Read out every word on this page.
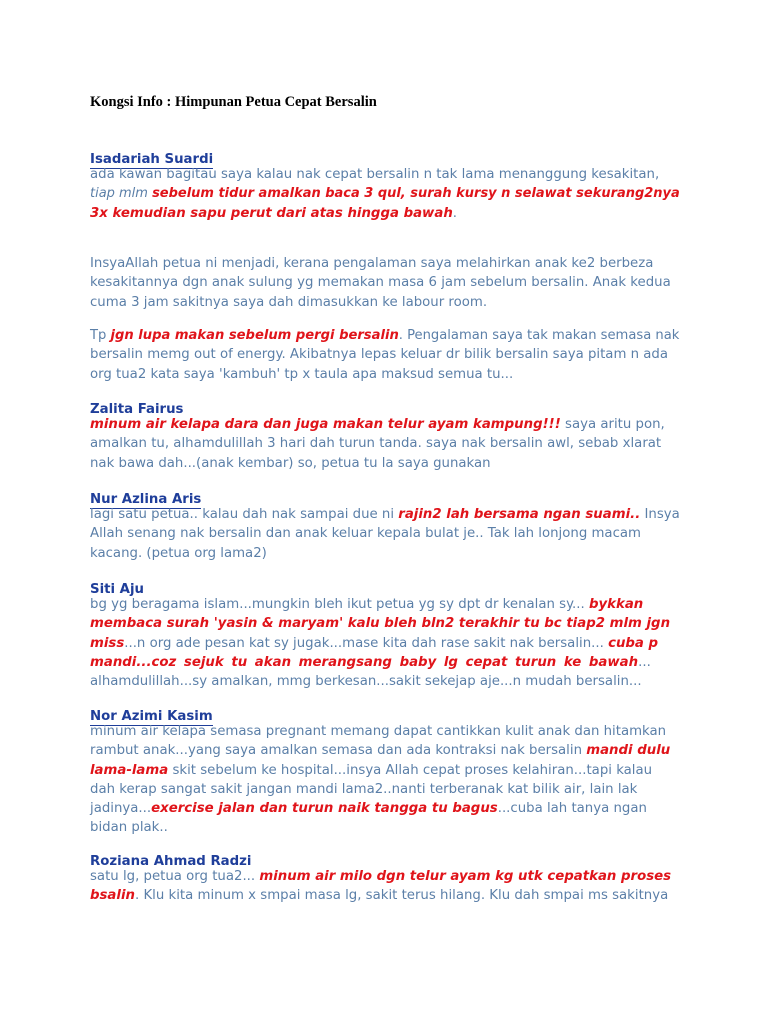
Kongsi Info : Himpunan Petua Cepat Bersalin
Isadariah Suardi
ada kawan bagitau saya kalau nak cepat bersalin n tak lama menanggung kesakitan,
tiap mlm sebelum tidur amalkan baca 3 qul, surah kursy n selawat sekurang2nya
3x kemudian sapu perut dari atas hingga bawah.
InsyaAllah petua ni menjadi, kerana pengalaman saya melahirkan anak ke2 berbeza
kesakitannya dgn anak sulung yg memakan masa 6 jam sebelum bersalin. Anak kedua
cuma 3 jam sakitnya saya dah dimasukkan ke labour room.
Tp jgn lupa makan sebelum pergi bersalin. Pengalaman saya tak makan semasa nak
bersalin memg out of energy. Akibatnya lepas keluar dr bilik bersalin saya pitam n ada
org tua2 kata saya 'kambuh' tp x taula apa maksud semua tu...
Zalita Fairus
minum air kelapa dara dan juga makan telur ayam kampung!!! saya aritu pon,
amalkan tu, alhamdulillah 3 hari dah turun tanda. saya nak bersalin awl, sebab xlarat
nak bawa dah...(anak kembar) so, petua tu la saya gunakan
Nur Azlina Aris
lagi satu petua.. kalau dah nak sampai due ni rajin2 lah bersama ngan suami.. Insya
Allah senang nak bersalin dan anak keluar kepala bulat je.. Tak lah lonjong macam
kacang. (petua org lama2)
Siti Aju
bg yg beragama islam...mungkin bleh ikut petua yg sy dpt dr kenalan sy... bykkan
membaca surah 'yasin & maryam' kalu bleh bln2 terakhir tu bc tiap2 mlm jgn
miss...n org ade pesan kat sy jugak...mase kita dah rase sakit nak bersalin... cuba p
mandi...coz sejuk tu akan merangsang baby lg cepat turun ke bawah...
alhamdulillah...sy amalkan, mmg berkesan...sakit sekejap aje...n mudah bersalin...
Nor Azimi Kasim
minum air kelapa semasa pregnant memang dapat cantikkan kulit anak dan hitamkan
rambut anak...yang saya amalkan semasa dan ada kontraksi nak bersalin mandi dulu
lama-lama skit sebelum ke hospital...insya Allah cepat proses kelahiran...tapi kalau
dah kerap sangat sakit jangan mandi lama2..nanti terberanak kat bilik air, lain lak
jadinya...exercise jalan dan turun naik tangga tu bagus...cuba lah tanya ngan
bidan plak..
Roziana Ahmad Radzi
satu lg, petua org tua2... minum air milo dgn telur ayam kg utk cepatkan proses
bsalin. Klu kita minum x smpai masa lg, sakit terus hilang. Klu dah smpai ms sakitnya
